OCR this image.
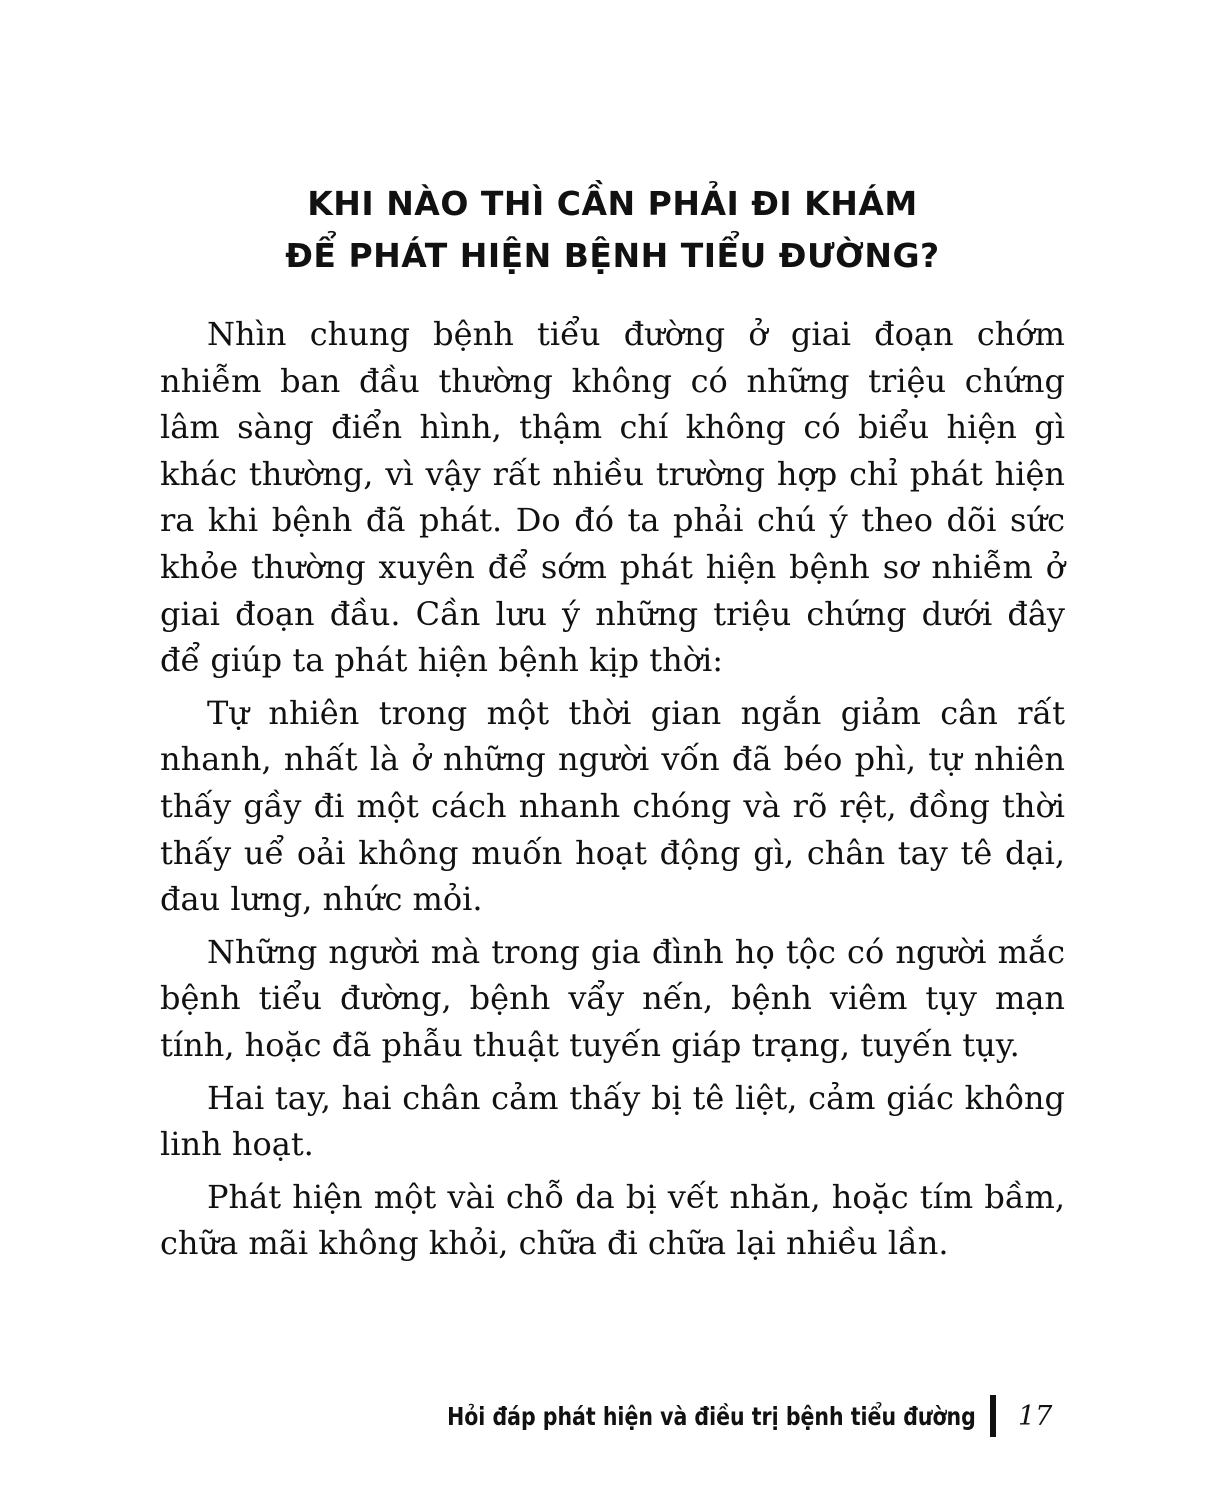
KHI NÀO THÌ CẦN PHẢI ĐI KHÁM
ĐỂ PHÁT HIỆN BỆNH TIỂU ĐƯỜNG?

Nhìn chung bệnh tiểu đường ở giai đoạn chớm nhiễm ban đầu thường không có những triệu chứng lâm sàng điển hình, thậm chí không có biểu hiện gì khác thường, vì vậy rất nhiều trường hợp chỉ phát hiện ra khi bệnh đã phát. Do đó ta phải chú ý theo dõi sức khỏe thường xuyên để sớm phát hiện bệnh sơ nhiễm ở giai đoạn đầu. Cần lưu ý những triệu chứng dưới đây để giúp ta phát hiện bệnh kịp thời:

Tự nhiên trong một thời gian ngắn giảm cân rất nhanh, nhất là ở những người vốn đã béo phì, tự nhiên thấy gầy đi một cách nhanh chóng và rõ rệt, đồng thời thấy uể oải không muốn hoạt động gì, chân tay tê dại, đau lưng, nhức mỏi.

Những người mà trong gia đình họ tộc có người mắc bệnh tiểu đường, bệnh vẩy nến, bệnh viêm tụy mạn tính, hoặc đã phẫu thuật tuyến giáp trạng, tuyến tụy.

Hai tay, hai chân cảm thấy bị tê liệt, cảm giác không linh hoạt.

Phát hiện một vài chỗ da bị vết nhăn, hoặc tím bầm, chữa mãi không khỏi, chữa đi chữa lại nhiều lần.

Hỏi đáp phát hiện và điều trị bệnh tiểu đường 17
